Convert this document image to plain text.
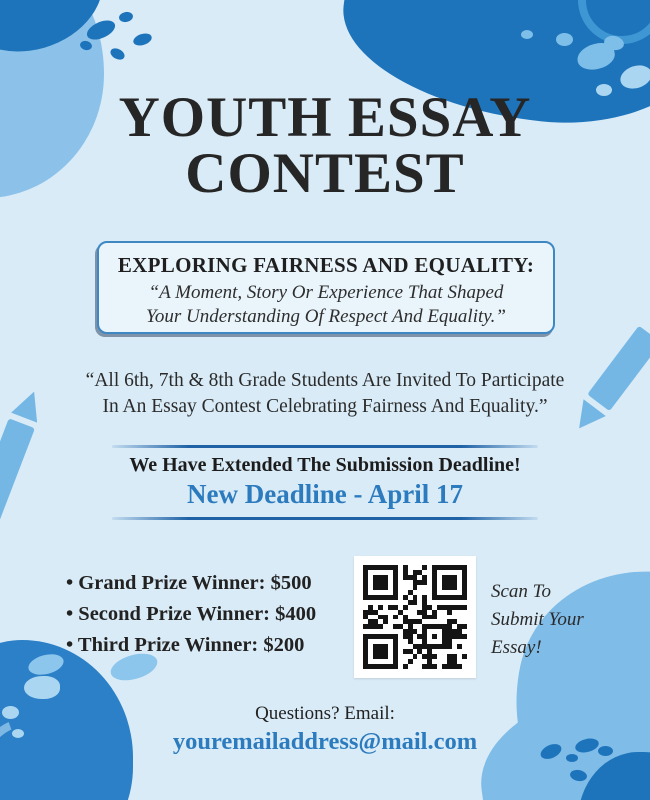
YOUTH ESSAY
CONTEST
EXPLORING FAIRNESS AND EQUALITY:
“A Moment, Story Or Experience That Shaped
Your Understanding Of Respect And Equality.”

“All 6th, 7th & 8th Grade Students Are Invited To Participate
In An Essay Contest Celebrating Fairness And Equality.”

We Have Extended The Submission Deadline!
New Deadline - April 17
• Grand Prize Winner: $500
• Second Prize Winner: $400
• Third Prize Winner: $200
Scan To
Submit Your
Essay!
Questions? Email:
youremailaddress@mail.com
